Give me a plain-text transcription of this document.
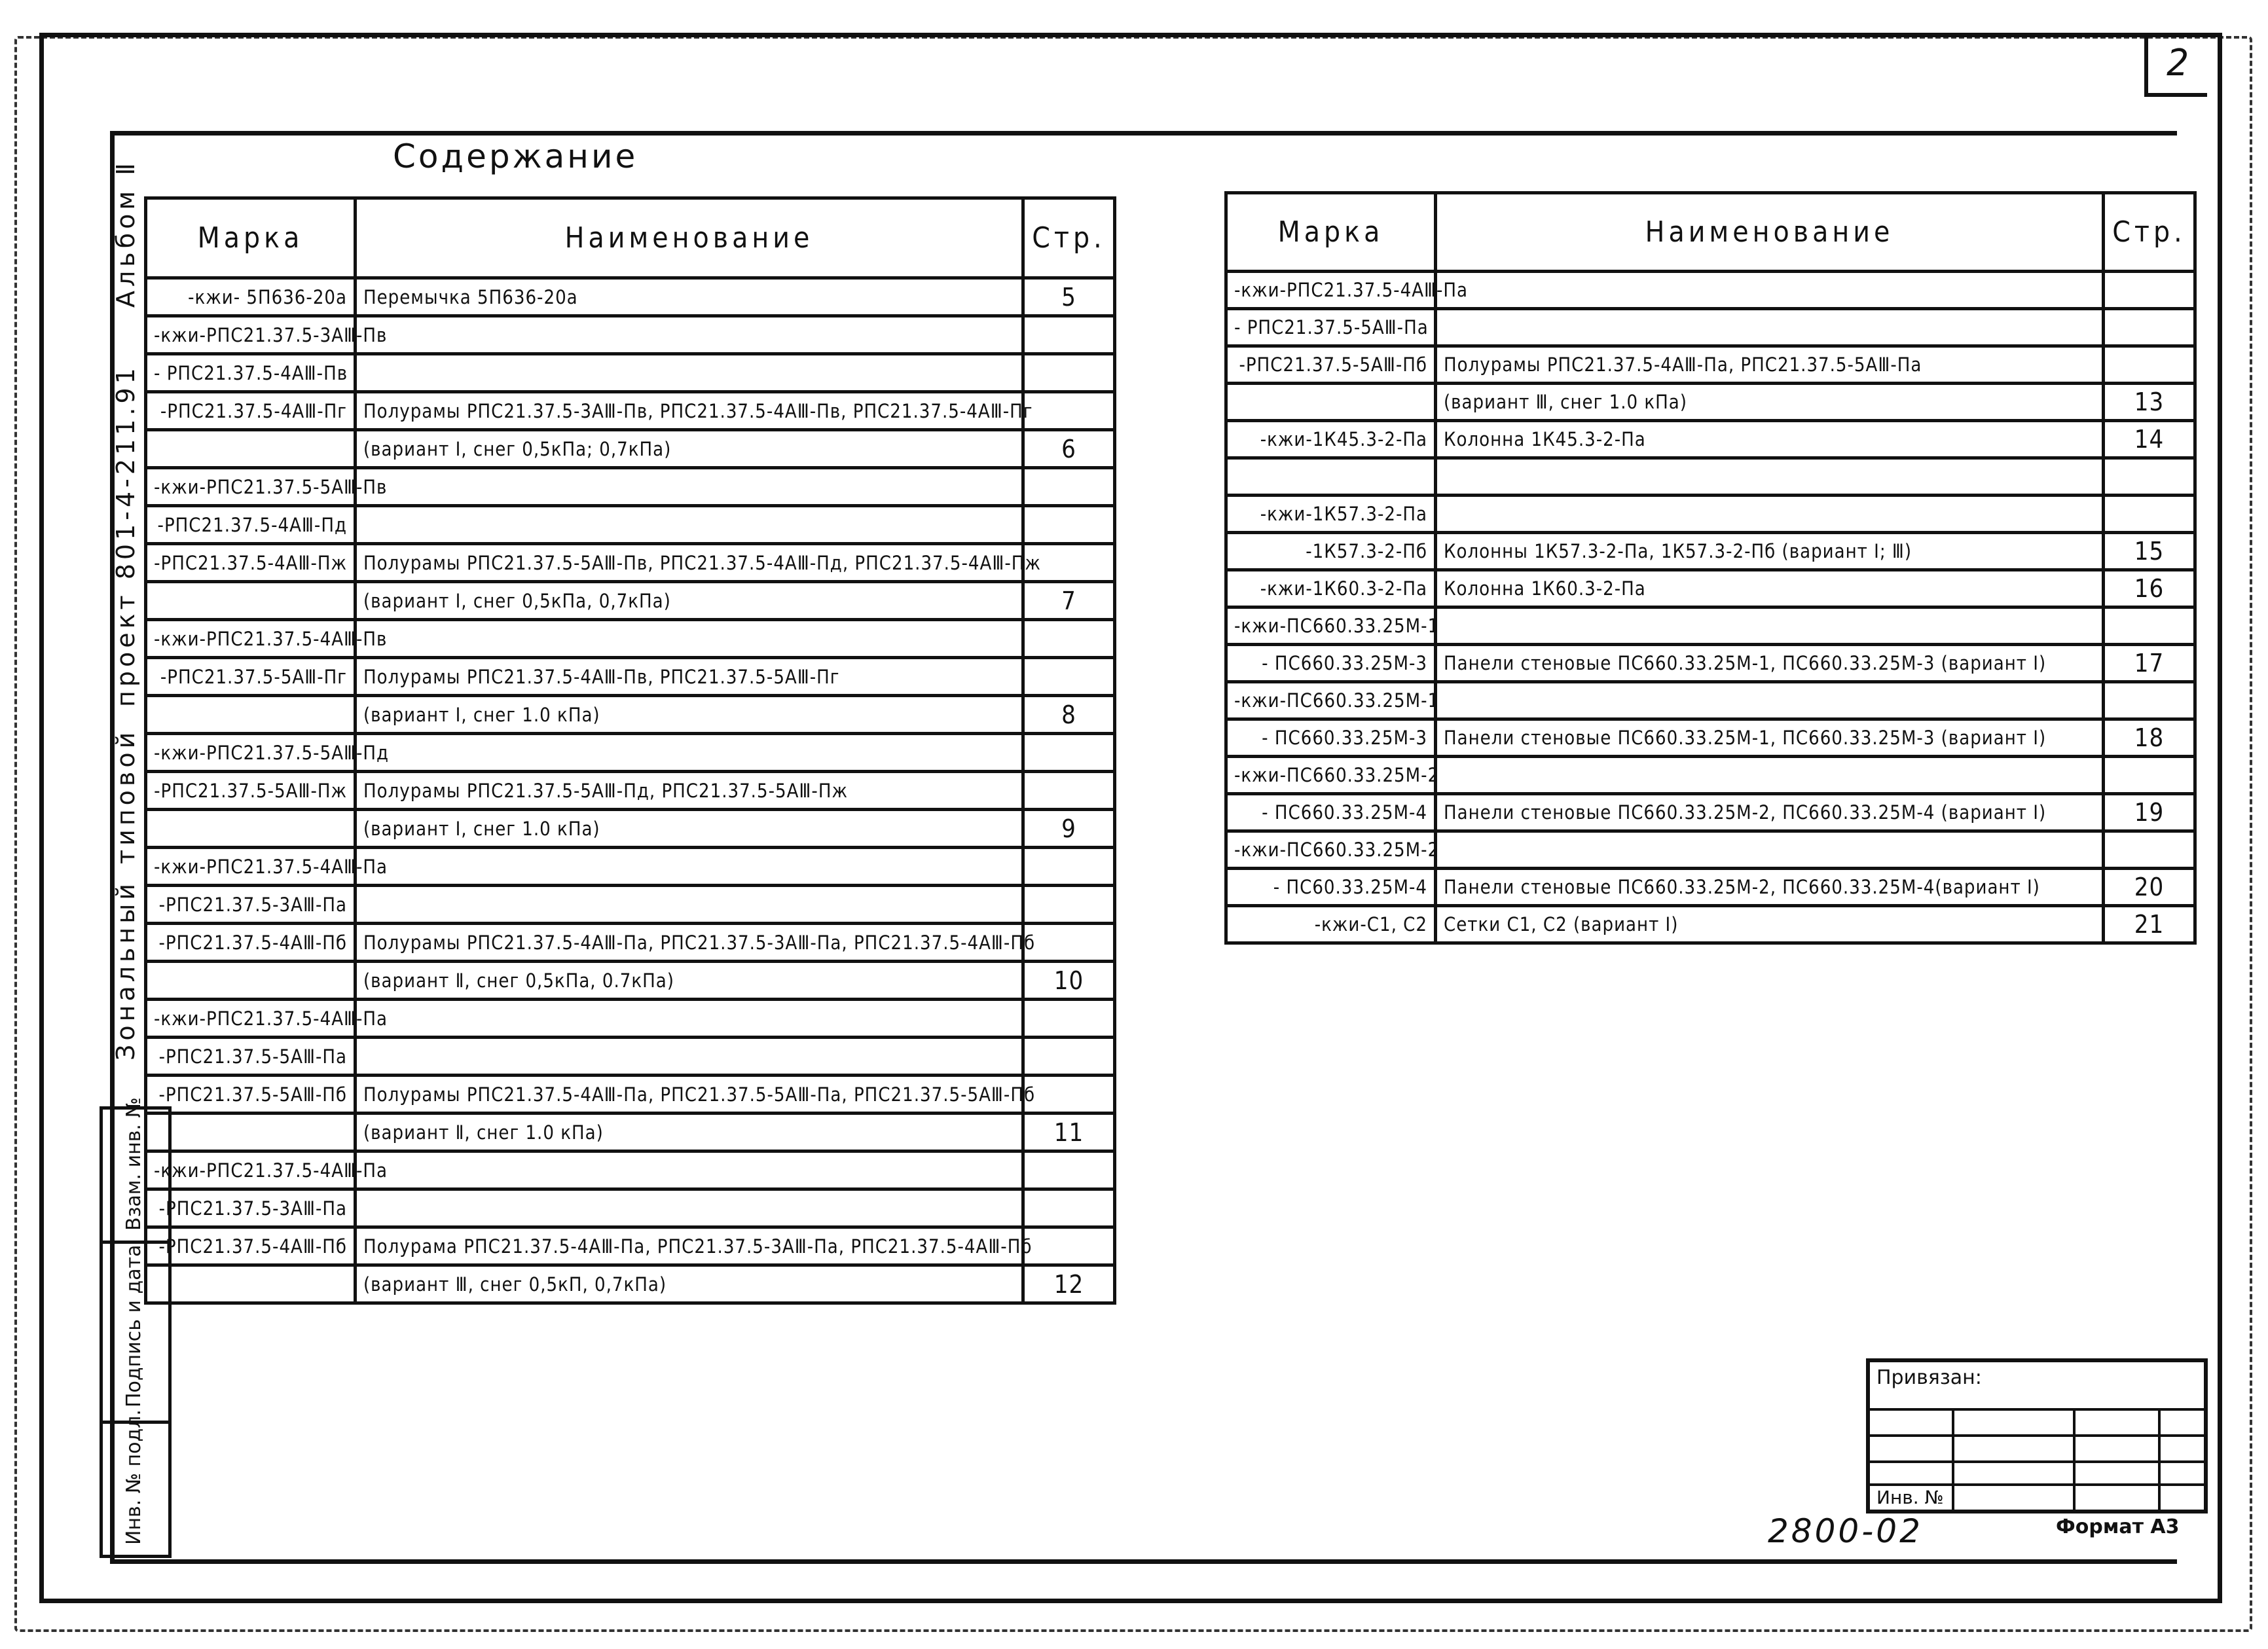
2
Содержание
Альбом Ⅱ
проект 801-4-211.91
типовой
Зональный
Марка	Наименование	Стр.
-кжи- 5П636-20а	Перемычка 5П636-20а	5
-кжи-РПС21.37.5-3АⅢ-Пв		
- РПС21.37.5-4АⅢ-Пв		
-РПС21.37.5-4АⅢ-Пг	Полурамы РПС21.37.5-3АⅢ-Пв, РПС21.37.5-4АⅢ-Пв, РПС21.37.5-4АⅢ-Пг	
	(вариант I, снег 0,5кПа; 0,7кПа)	6
-кжи-РПС21.37.5-5АⅢ-Пв		
-РПС21.37.5-4АⅢ-Пд		
-РПС21.37.5-4АⅢ-Пж	Полурамы РПС21.37.5-5АⅢ-Пв, РПС21.37.5-4АⅢ-Пд, РПС21.37.5-4АⅢ-Пж	
	(вариант I, снег 0,5кПа, 0,7кПа)	7
-кжи-РПС21.37.5-4АⅢ-Пв		
-РПС21.37.5-5АⅢ-Пг	Полурамы РПС21.37.5-4АⅢ-Пв, РПС21.37.5-5АⅢ-Пг	
	(вариант I, снег 1.0 кПа)	8
-кжи-РПС21.37.5-5АⅢ-Пд		
-РПС21.37.5-5АⅢ-Пж	Полурамы РПС21.37.5-5АⅢ-Пд, РПС21.37.5-5АⅢ-Пж	
	(вариант I, снег 1.0 кПа)	9
-кжи-РПС21.37.5-4АⅢ-Па		
-РПС21.37.5-3АⅢ-Па		
-РПС21.37.5-4АⅢ-Пб	Полурамы РПС21.37.5-4АⅢ-Па, РПС21.37.5-3АⅢ-Па, РПС21.37.5-4АⅢ-Пб	
	(вариант Ⅱ, снег 0,5кПа, 0.7кПа)	10
-кжи-РПС21.37.5-4АⅢ-Па		
-РПС21.37.5-5АⅢ-Па		
-РПС21.37.5-5АⅢ-Пб	Полурамы РПС21.37.5-4АⅢ-Па, РПС21.37.5-5АⅢ-Па, РПС21.37.5-5АⅢ-Пб	
	(вариант Ⅱ, снег 1.0 кПа)	11
-кжи-РПС21.37.5-4АⅢ-Па		
-РПС21.37.5-3АⅢ-Па		
-РПС21.37.5-4АⅢ-Пб	Полурама РПС21.37.5-4АⅢ-Па, РПС21.37.5-3АⅢ-Па, РПС21.37.5-4АⅢ-Пб	
	(вариант Ⅲ, снег 0,5кП, 0,7кПа)	12
Марка	Наименование	Стр.
-кжи-РПС21.37.5-4АⅢ-Па		
- РПС21.37.5-5АⅢ-Па		
-РПС21.37.5-5АⅢ-Пб	Полурамы РПС21.37.5-4АⅢ-Па, РПС21.37.5-5АⅢ-Па	
	(вариант Ⅲ, снег 1.0 кПа)	13
-кжи-1К45.3-2-Па	Колонна 1К45.3-2-Па	14

-кжи-1К57.3-2-Па		
-1К57.3-2-Пб	Колонны 1К57.3-2-Па, 1К57.3-2-Пб (вариант I; Ⅲ)	15
-кжи-1К60.3-2-Па	Колонна 1К60.3-2-Па	16
-кжи-ПС660.33.25М-1		
- ПС660.33.25М-3	Панели стеновые ПС660.33.25М-1, ПС660.33.25М-3 (вариант I)	17
-кжи-ПС660.33.25М-1		
- ПС660.33.25М-3	Панели стеновые ПС660.33.25М-1, ПС660.33.25М-3 (вариант I)	18
-кжи-ПС660.33.25М-2		
- ПС660.33.25М-4	Панели стеновые ПС660.33.25М-2, ПС660.33.25М-4 (вариант I)	19
-кжи-ПС660.33.25М-2		
- ПС60.33.25М-4	Панели стеновые ПС660.33.25М-2, ПС660.33.25М-4(вариант I)	20
-кжи-С1, С2	Сетки С1, С2 (вариант I)	21
Взам. инв. №
Подпись и дата
Инв. № подл.
Привязан:
Инв. №
2800-02	Формат А3
